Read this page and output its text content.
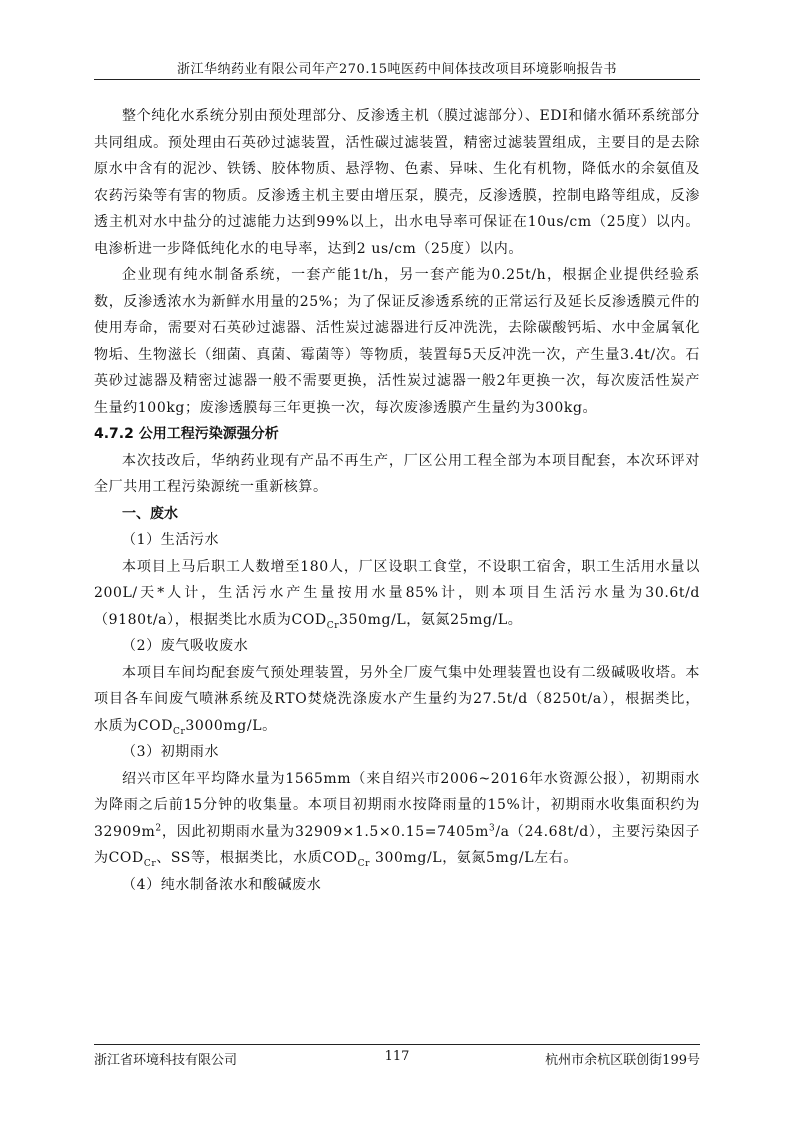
浙江华纳药业有限公司年产270.15吨医药中间体技改项目环境影响报告书

整个纯化水系统分别由预处理部分、反渗透主机（膜过滤部分）、EDI和储水循环系统部分共同组成。预处理由石英砂过滤装置，活性碳过滤装置，精密过滤装置组成，主要目的是去除原水中含有的泥沙、铁锈、胶体物质、悬浮物、色素、异味、生化有机物，降低水的余氨值及农药污染等有害的物质。反渗透主机主要由增压泵，膜壳，反渗透膜，控制电路等组成，反渗透主机对水中盐分的过滤能力达到99%以上，出水电导率可保证在10us/cm（25度）以内。电渗析进一步降低纯化水的电导率，达到2 us/cm（25度）以内。

企业现有纯水制备系统，一套产能1t/h，另一套产能为0.25t/h，根据企业提供经验系数，反渗透浓水为新鲜水用量的25%；为了保证反渗透系统的正常运行及延长反渗透膜元件的使用寿命，需要对石英砂过滤器、活性炭过滤器进行反冲洗洗，去除碳酸钙垢、水中金属氧化物垢、生物滋长（细菌、真菌、霉菌等）等物质，装置每5天反冲洗一次，产生量3.4t/次。石英砂过滤器及精密过滤器一般不需要更换，活性炭过滤器一般2年更换一次，每次废活性炭产生量约100kg；废渗透膜每三年更换一次，每次废渗透膜产生量约为300kg。

4.7.2 公用工程污染源强分析

本次技改后，华纳药业现有产品不再生产，厂区公用工程全部为本项目配套，本次环评对全厂共用工程污染源统一重新核算。

一、废水

（1）生活污水

本项目上马后职工人数增至180人，厂区设职工食堂，不设职工宿舍，职工生活用水量以200L/天*人计，生活污水产生量按用水量85%计，则本项目生活污水量为30.6t/d（9180t/a），根据类比水质为$COD_{Cr}350mg/L$，氨氮25mg/L。

（2）废气吸收废水

本项目车间均配套废气预处理装置，另外全厂废气集中处理装置也设有二级碱吸收塔。本项目各车间废气喷淋系统及RTO焚烧洗涤废水产生量约为27.5t/d（8250t/a），根据类比，水质为$COD_{Cr}3000mg/L$。

（3）初期雨水

绍兴市区年平均降水量为1565mm（来自绍兴市2006~2016年水资源公报），初期雨水为降雨之后前15分钟的收集量。本项目初期雨水按降雨量的15%计，初期雨水收集面积约为$32909m^2$，因此初期雨水量为$32909\times 1.5\times 0.15=7405m^3/a(24.68t/d)$，主要污染因子为$COD_{Cr}$、SS等，根据类比，水质$COD_{Cr}$ 300mg/L，氨氮5mg/L左右。

（4）纯水制备浓水和酸碱废水

浙江省环境科技有限公司	117	杭州市余杭区联创街199号
